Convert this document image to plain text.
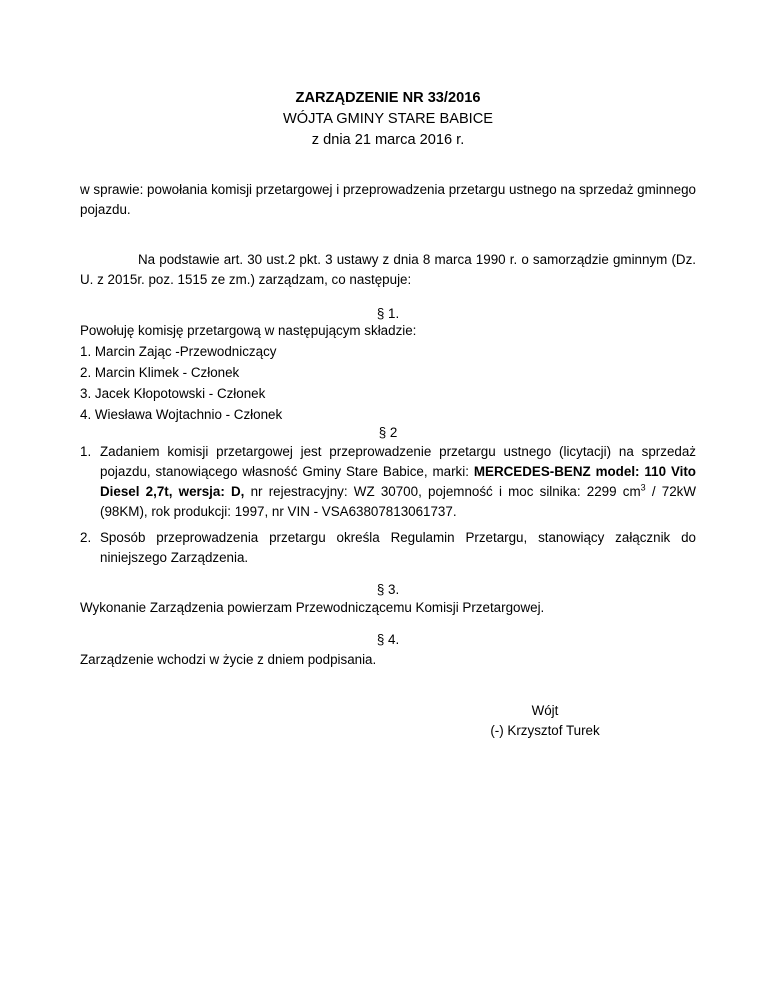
ZARZĄDZENIE NR 33/2016
WÓJTA GMINY STARE BABICE
z dnia 21 marca 2016 r.
w sprawie: powołania komisji przetargowej i przeprowadzenia przetargu ustnego na sprzedaż gminnego pojazdu.
Na podstawie art. 30 ust.2 pkt. 3 ustawy z dnia 8 marca 1990 r. o samorządzie gminnym (Dz. U. z 2015r. poz. 1515 ze zm.) zarządzam, co następuje:
§ 1.
Powołuję komisję przetargową w następującym składzie:
1. Marcin Zając -Przewodniczący
2. Marcin Klimek - Członek
3. Jacek Kłopotowski - Członek
4. Wiesława Wojtachnio - Członek
§ 2
1. Zadaniem komisji przetargowej jest przeprowadzenie przetargu ustnego (licytacji) na sprzedaż pojazdu, stanowiącego własność Gminy Stare Babice, marki: MERCEDES-BENZ model: 110 Vito Diesel 2,7t, wersja: D, nr rejestracyjny: WZ 30700, pojemność i moc silnika: 2299 $cm^3 / 72kW$ (98KM), rok produkcji: 1997, nr VIN - VSA63807813061737.
2. Sposób przeprowadzenia przetargu określa Regulamin Przetargu, stanowiący załącznik do niniejszego Zarządzenia.
§ 3.
Wykonanie Zarządzenia powierzam Przewodniczącemu Komisji Przetargowej.
§ 4.
Zarządzenie wchodzi w życie z dniem podpisania.
Wójt
(-) Krzysztof Turek
